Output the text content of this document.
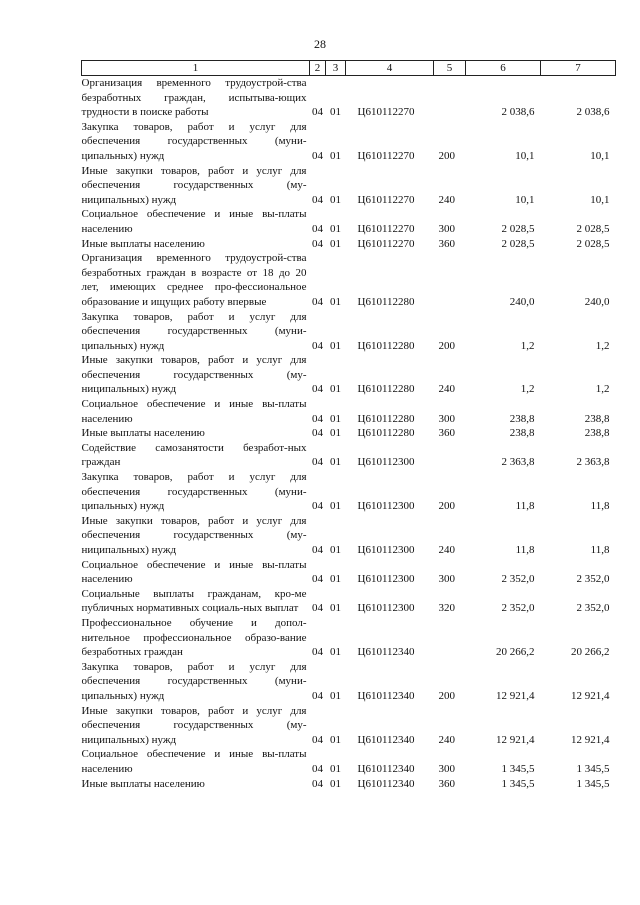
28
1	2	3	4	5	6	7
Организация временного трудоустрой-ства безработных граждан, испытыва-ющих трудности в поиске работы	04	01	Ц610112270		2 038,6	2 038,6
Закупка товаров, работ и услуг для обеспечения государственных (муни-ципальных) нужд	04	01	Ц610112270	200	10,1	10,1
Иные закупки товаров, работ и услуг для обеспечения государственных (му-ниципальных) нужд	04	01	Ц610112270	240	10,1	10,1
Социальное обеспечение и иные вы-платы населению	04	01	Ц610112270	300	2 028,5	2 028,5
Иные выплаты населению	04	01	Ц610112270	360	2 028,5	2 028,5
Организация временного трудоустрой-ства безработных граждан в возрасте от 18 до 20 лет, имеющих среднее про-фессиональное образование и ищущих работу впервые	04	01	Ц610112280		240,0	240,0
Закупка товаров, работ и услуг для обеспечения государственных (муни-ципальных) нужд	04	01	Ц610112280	200	1,2	1,2
Иные закупки товаров, работ и услуг для обеспечения государственных (му-ниципальных) нужд	04	01	Ц610112280	240	1,2	1,2
Социальное обеспечение и иные вы-платы населению	04	01	Ц610112280	300	238,8	238,8
Иные выплаты населению	04	01	Ц610112280	360	238,8	238,8
Содействие самозанятости безработ-ных граждан	04	01	Ц610112300		2 363,8	2 363,8
Закупка товаров, работ и услуг для обеспечения государственных (муни-ципальных) нужд	04	01	Ц610112300	200	11,8	11,8
Иные закупки товаров, работ и услуг для обеспечения государственных (му-ниципальных) нужд	04	01	Ц610112300	240	11,8	11,8
Социальное обеспечение и иные вы-платы населению	04	01	Ц610112300	300	2 352,0	2 352,0
Социальные выплаты гражданам, кро-ме публичных нормативных социаль-ных выплат	04	01	Ц610112300	320	2 352,0	2 352,0
Профессиональное обучение и допол-нительное профессиональное образо-вание безработных граждан	04	01	Ц610112340		20 266,2	20 266,2
Закупка товаров, работ и услуг для обеспечения государственных (муни-ципальных) нужд	04	01	Ц610112340	200	12 921,4	12 921,4
Иные закупки товаров, работ и услуг для обеспечения государственных (му-ниципальных) нужд	04	01	Ц610112340	240	12 921,4	12 921,4
Социальное обеспечение и иные вы-платы населению	04	01	Ц610112340	300	1 345,5	1 345,5
Иные выплаты населению	04	01	Ц610112340	360	1 345,5	1 345,5
